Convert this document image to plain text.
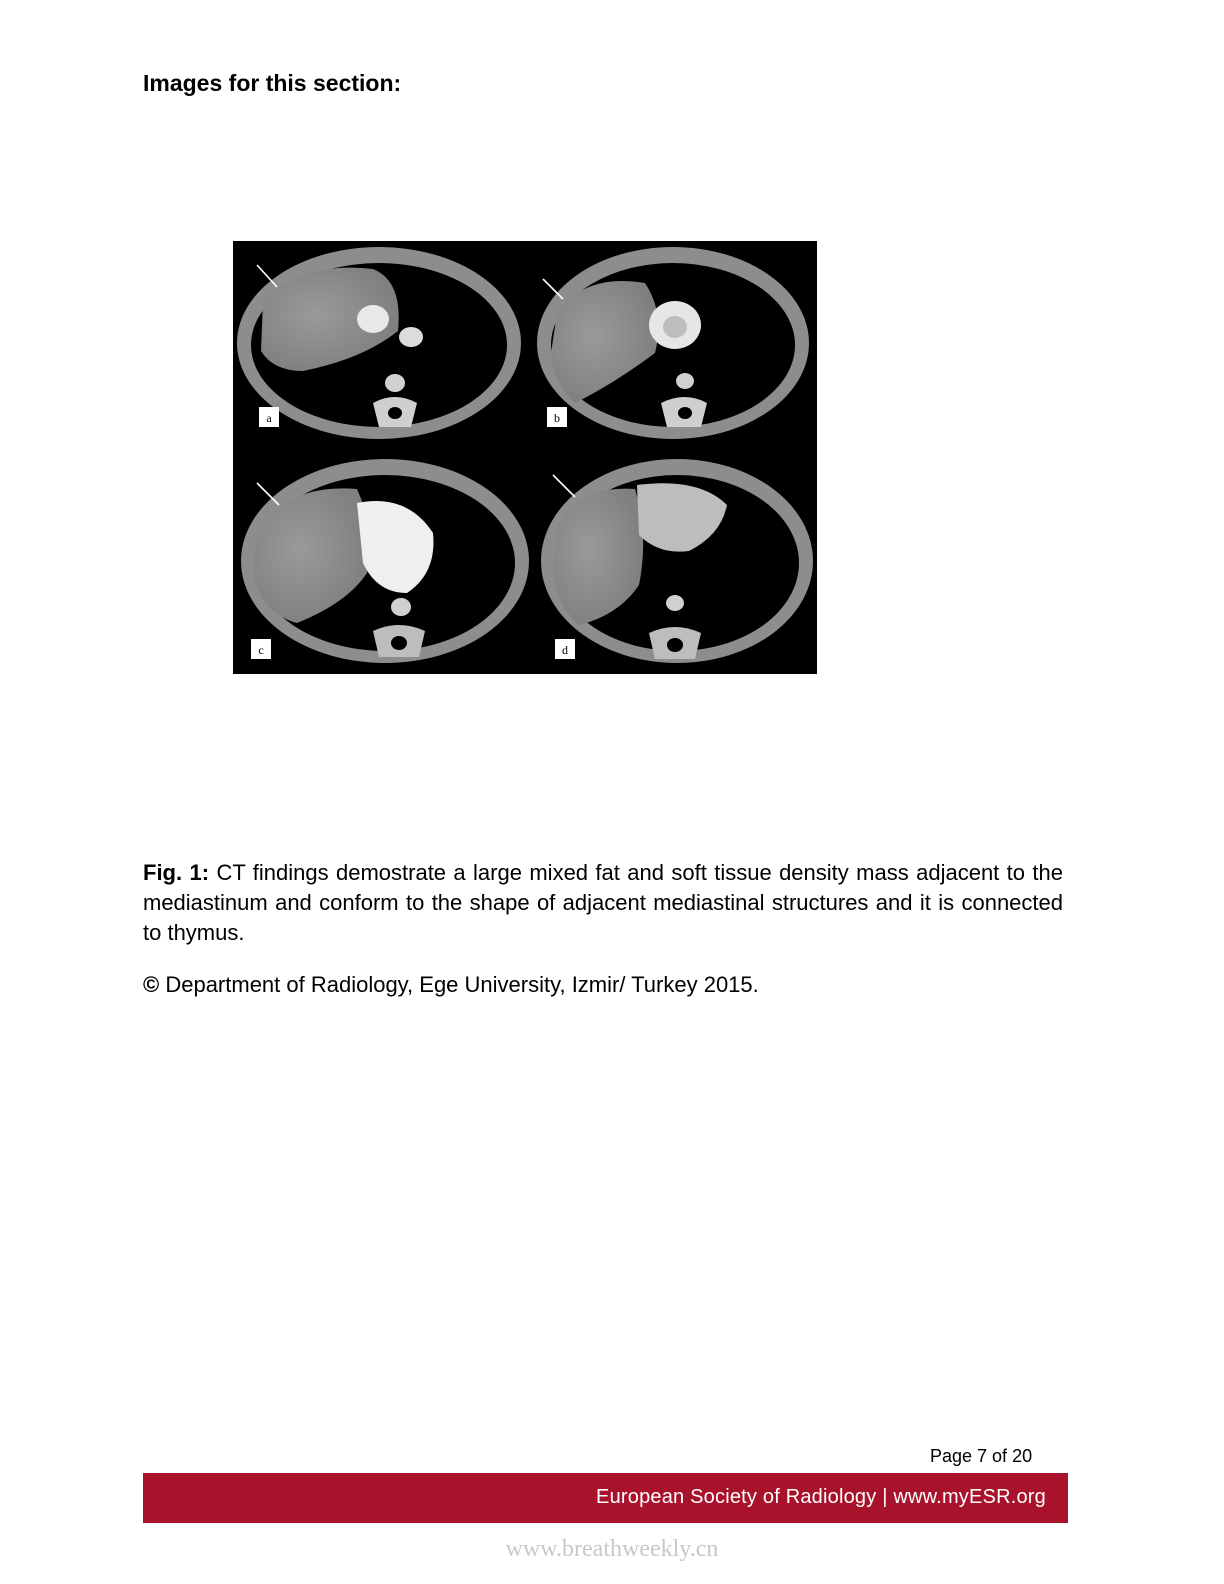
Images for this section:

a	b
c	d

Fig. 1: CT findings demostrate a large mixed fat and soft tissue density mass adjacent to the mediastinum and conform to the shape of adjacent mediastinal structures and it is connected to thymus.

© Department of Radiology, Ege University, Izmir/ Turkey 2015.

Page 7 of 20

European Society of Radiology | www.myESR.org

www.breathweekly.cn
